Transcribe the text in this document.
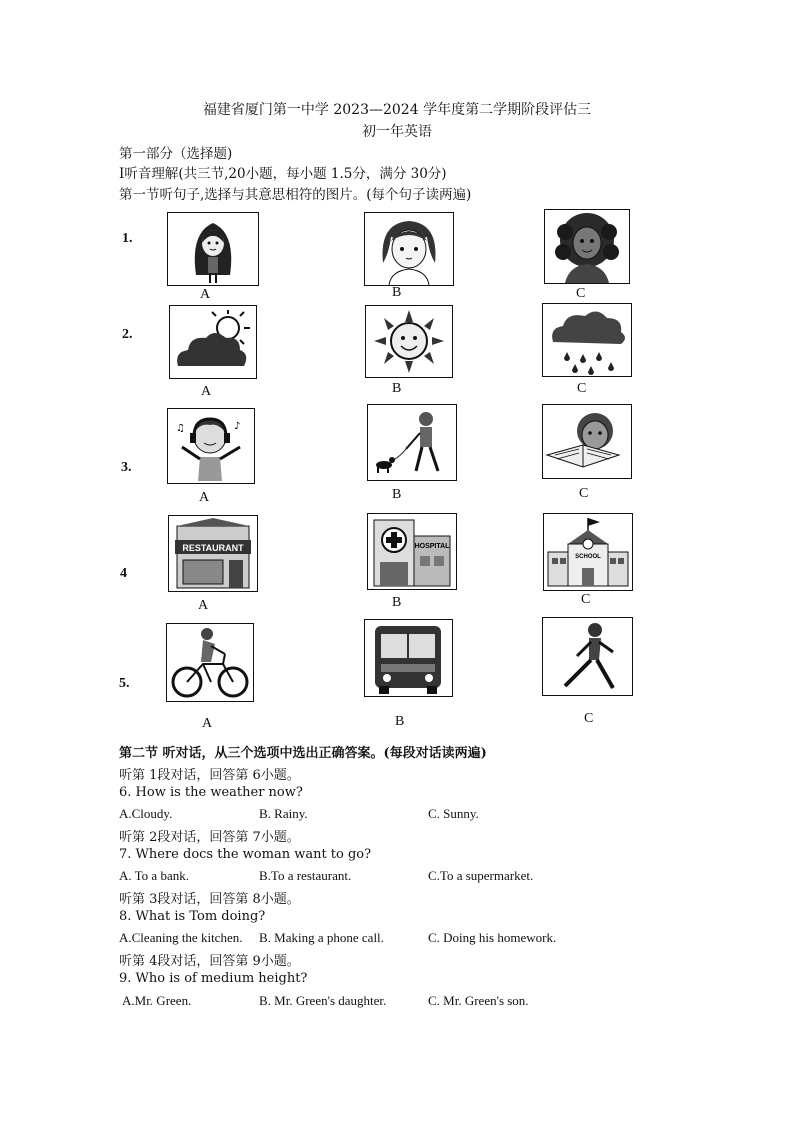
福建省厦门第一中学 2023—2024 学年度第二学期阶段评估三
初一年英语
第一部分（选择题)
I听音理解(共三节,20小题，每小题 1.5分，满分 30分)
第一节听句子,选择与其意思相符的图片。(每个句子读两遍)
1.
2.
3.
4
5.
A	B	C
A	B	C
♪
♫
A	B	C
RESTAURANT	HOSPITAL
SCHOOL
A	B	C
A	B	C
第二节 听对话，从三个选项中选出正确答案。(每段对话读两遍)
听第 1段对话，回答第 6小题。
6. How is the weather now?
A.Cloudy.	B. Rainy.	C. Sunny.
听第 2段对话，回答第 7小题。
7. Where docs the woman want to go?
A. To a bank.	B.To a restaurant.	C.To a supermarket.
听第 3段对话，回答第 8小题。
8. What is Tom doing?
A.Cleaning the kitchen. B. Making a phone call.	C. Doing his homework.
听第 4段对话，回答第 9小题。
9. Who is of medium height?
A.Mr. Green.	B. Mr. Green's daughter.	C. Mr. Green's son.
